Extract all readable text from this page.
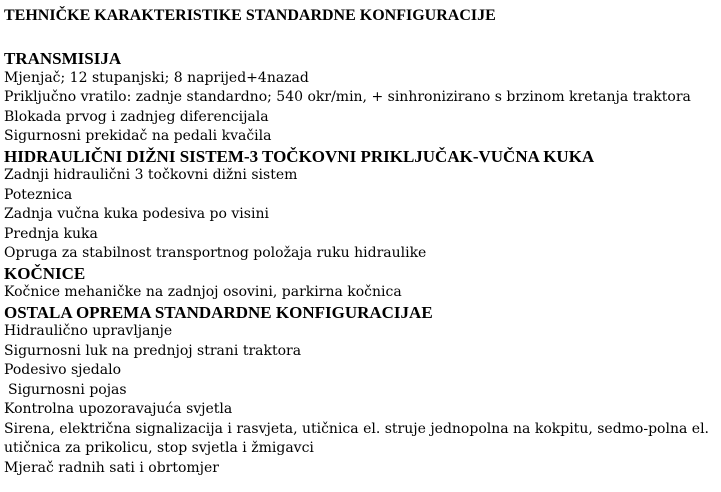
TEHNIČKE KARAKTERISTIKE STANDARDNE KONFIGURACIJE
TRANSMISIJA
Mjenjač; 12 stupanjski; 8 naprijed+4nazad
Priključno vratilo: zadnje standardno; 540 okr/min, + sinhronizirano s brzinom kretanja traktora
Blokada prvog i zadnjeg diferencijala
Sigurnosni prekidač na pedali kvačila
HIDRAULIČNI DIŽNI SISTEM-3 TOČKOVNI PRIKLJUČAK-VUČNA KUKA
Zadnji hidraulični 3 točkovni dižni sistem
Poteznica
Zadnja vučna kuka podesiva po visini
Prednja kuka
Opruga za stabilnost transportnog položaja ruku hidraulike
KOČNICE
Kočnice mehaničke na zadnjoj osovini, parkirna kočnica
OSTALA OPREMA STANDARDNE KONFIGURACIJAE
Hidraulično upravljanje
Sigurnosni luk na prednjoj strani traktora
Podesivo sjedalo
Sigurnosni pojas
Kontrolna upozoravajuća svjetla
Sirena, električna signalizacija i rasvjeta, utičnica el. struje jednopolna na kokpitu, sedmo-polna el. utičnica za prikolicu, stop svjetla i žmigavci
Mjerač radnih sati i obrtomjer
